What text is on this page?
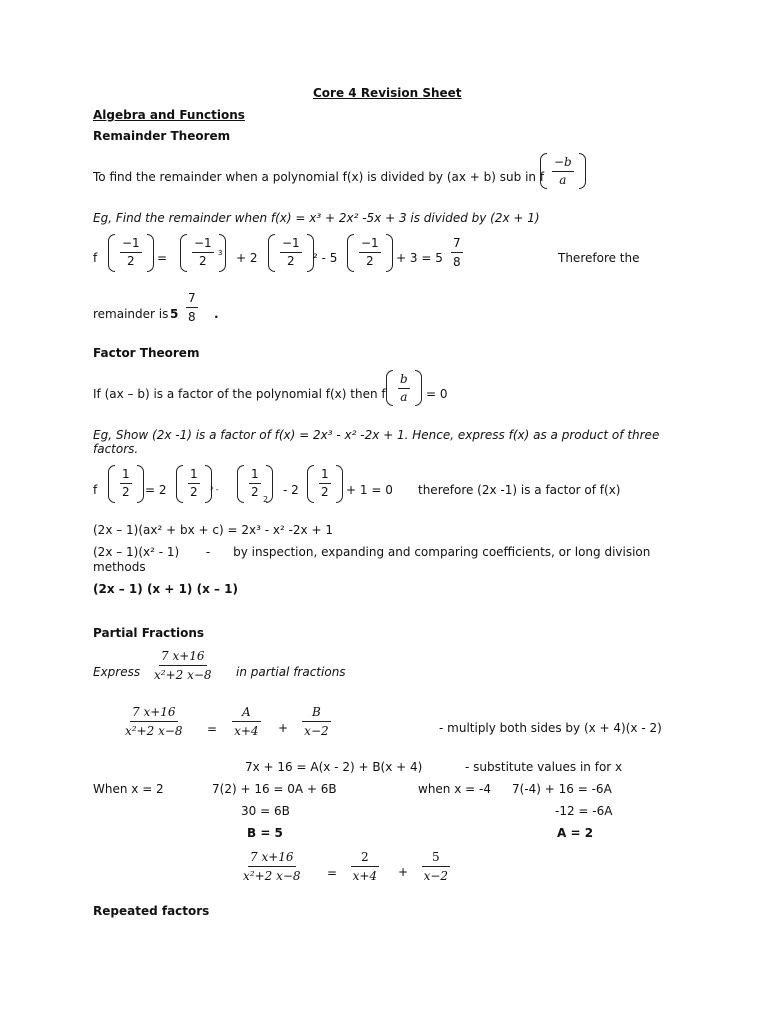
Core 4 Revision Sheet
Algebra and Functions
Remainder Theorem
To find the remainder when a polynomial f(x) is divided by (ax + b) sub in f $\frac{-b}{a}$
Eg, Find the remainder when f(x) = x³ + 2x² -5x + 3 is divided by (2x + 1)
f $\frac{-1}{2} = \frac{-1}{2} 3$	+ $2 \frac{-1}{2} ^2 - 5 \frac{-1}{2} + 3 = 5 \frac{7}{8}$	Therefore the
remainder is $5 \frac{7}{8}$ .
Factor Theorem
If (ax – b) is a factor of the polynomial f(x) then f $\frac{b}{a} = 0$
Eg, Show (2x -1) is a factor of f(x) = 2x³ - x² -2x + 1. Hence, express f(x) as a product of three
factors.
f $\frac{1}{2} = 2 \frac{1}{2} ^3 - \frac{1}{2}$
2
- $2 \frac{1}{2} + 1 = 0$ therefore (2x -1) is a factor of f(x)
(2x – 1)(ax² + bx + c) = 2x³ - x² -2x + 1
(2x – 1)(x² - 1)       -      by inspection, expanding and comparing coefficients, or long division
methods
(2x – 1) (x + 1) (x – 1)
Partial Fractions
Express $\frac{7 x+16}{\text{x²+2 x−8}}$ in partial fractions
$\frac{7 x+16}{\text{x²+2 x−8}} = \frac{A}{x+4} + \frac{B}{x-2}$	- multiply both sides by (x + 4)(x - 2)
7x + 16 = A(x - 2) + B(x + 4)	- substitute values in for x
When x = 2	7(2) + 16 = 0A + 6B	when x = -4 7(-4) + 16 = -6A
30 = 6B	-12 = -6A
B = 5	A = 2
$\frac{7 x+16}{\text{x²+2 x−8}} = \frac{2}{x+4} + \frac{5}{x-2}$
Repeated factors
